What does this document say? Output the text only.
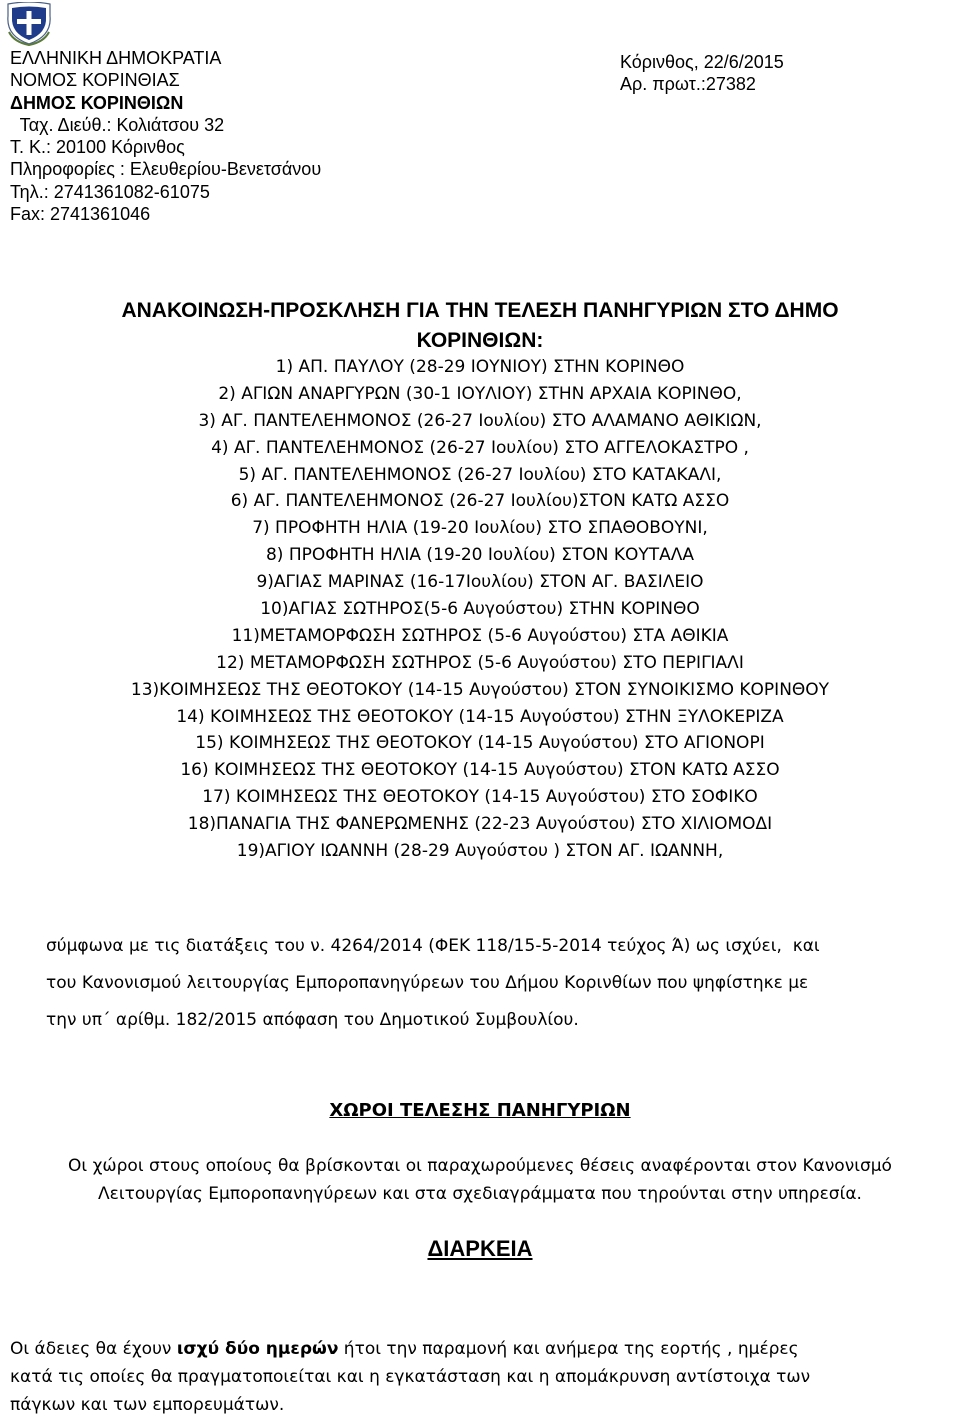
ΕΛΛΗΝΙΚΗ ΔΗΜΟΚΡΑΤΙΑ
ΝΟΜΟΣ ΚΟΡΙΝΘΙΑΣ
ΔΗΜΟΣ ΚΟΡΙΝΘΙΩΝ
Ταχ. Διεύθ.: Κολιάτσου 32
Τ. Κ.: 20100 Κόρινθος
Πληροφορίες : Ελευθερίου-Βενετσάνου
Τηλ.: 2741361082-61075
Fax: 2741361046
Κόρινθος, 22/6/2015
Αρ. πρωτ.:27382
ΑΝΑΚΟΙΝΩΣΗ-ΠΡΟΣΚΛΗΣΗ ΓΙΑ ΤΗΝ ΤΕΛΕΣΗ ΠΑΝΗΓΥΡΙΩΝ ΣΤΟ ΔΗΜΟ
ΚΟΡΙΝΘΙΩΝ:
1) ΑΠ. ΠΑΥΛΟΥ (28-29 ΙΟΥΝΙΟΥ) ΣΤΗΝ ΚΟΡΙΝΘΟ
2) ΑΓΙΩΝ ΑΝΑΡΓΥΡΩΝ (30-1 ΙΟΥΛΙΟΥ) ΣΤΗΝ ΑΡΧΑΙΑ ΚΟΡΙΝΘΟ,
3) ΑΓ. ΠΑΝΤΕΛΕΗΜΟΝΟΣ (26-27 Ιουλίου) ΣΤΟ ΑΛΑΜΑΝΟ ΑΘΙΚΙΩΝ,
4) ΑΓ. ΠΑΝΤΕΛΕΗΜΟΝΟΣ (26-27 Ιουλίου) ΣΤΟ ΑΓΓΕΛΟΚΑΣΤΡΟ ,
5) ΑΓ. ΠΑΝΤΕΛΕΗΜΟΝΟΣ (26-27 Ιουλίου) ΣΤΟ ΚΑΤΑΚΑΛΙ,
6) ΑΓ. ΠΑΝΤΕΛΕΗΜΟΝΟΣ (26-27 Ιουλίου)ΣΤΟΝ ΚΑΤΩ ΑΣΣΟ
7) ΠΡΟΦΗΤΗ ΗΛΙΑ (19-20 Ιουλίου) ΣΤΟ ΣΠΑΘΟΒΟΥΝΙ,
8) ΠΡΟΦΗΤΗ ΗΛΙΑ (19-20 Ιουλίου) ΣΤΟΝ ΚΟΥΤΑΛΑ
9)ΑΓΙΑΣ ΜΑΡΙΝΑΣ (16-17Ιουλίου) ΣΤΟΝ ΑΓ. ΒΑΣΙΛΕΙΟ
10)ΑΓΙΑΣ ΣΩΤΗΡΟΣ(5-6 Αυγούστου) ΣΤΗΝ ΚΟΡΙΝΘΟ
11)ΜΕΤΑΜΟΡΦΩΣΗ ΣΩΤΗΡΟΣ (5-6 Αυγούστου) ΣΤΑ ΑΘΙΚΙΑ
12) ΜΕΤΑΜΟΡΦΩΣΗ ΣΩΤΗΡΟΣ (5-6 Αυγούστου) ΣΤΟ ΠΕΡΙΓΙΑΛΙ
13)ΚΟΙΜΗΣΕΩΣ ΤΗΣ ΘΕΟΤΟΚΟΥ (14-15 Αυγούστου) ΣΤΟΝ ΣΥΝΟΙΚΙΣΜΟ ΚΟΡΙΝΘΟΥ
14) ΚΟΙΜΗΣΕΩΣ ΤΗΣ ΘΕΟΤΟΚΟΥ (14-15 Αυγούστου) ΣΤΗΝ ΞΥΛΟΚΕΡΙΖΑ
15) ΚΟΙΜΗΣΕΩΣ ΤΗΣ ΘΕΟΤΟΚΟΥ (14-15 Αυγούστου) ΣΤΟ ΑΓΙΟΝΟΡΙ
16) ΚΟΙΜΗΣΕΩΣ ΤΗΣ ΘΕΟΤΟΚΟΥ (14-15 Αυγούστου) ΣΤΟΝ ΚΑΤΩ ΑΣΣΟ
17) ΚΟΙΜΗΣΕΩΣ ΤΗΣ ΘΕΟΤΟΚΟΥ (14-15 Αυγούστου) ΣΤΟ ΣΟΦΙΚΟ
18)ΠΑΝΑΓΙΑ ΤΗΣ ΦΑΝΕΡΩΜΕΝΗΣ (22-23 Αυγούστου) ΣΤΟ ΧΙΛΙΟΜΟΔΙ
19)ΑΓΙΟΥ ΙΩΑΝΝΗ (28-29 Αυγούστου ) ΣΤΟΝ ΑΓ. ΙΩΑΝΝΗ,
σύμφωνα με τις διατάξεις του ν. 4264/2014 (ΦΕΚ 118/15-5-2014 τεύχος Ά) ως ισχύει,  και
του Κανονισμού λειτουργίας Εμποροπανηγύρεων του Δήμου Κορινθίων που ψηφίστηκε με
την υπ΄ αρίθμ. 182/2015 απόφαση του Δημοτικού Συμβουλίου.
ΧΩΡΟΙ ΤΕΛΕΣΗΣ ΠΑΝΗΓΥΡΙΩΝ
Οι χώροι στους οποίους θα βρίσκονται οι παραχωρούμενες θέσεις αναφέρονται στον Κανονισμό
Λειτουργίας Εμποροπανηγύρεων και στα σχεδιαγράμματα που τηρούνται στην υπηρεσία.
ΔΙΑΡΚΕΙΑ
Οι άδειες θα έχουν ισχύ δύο ημερών ήτοι την παραμονή και ανήμερα της εορτής , ημέρες
κατά τις οποίες θα πραγματοποιείται και η εγκατάσταση και η απομάκρυνση αντίστοιχα των
πάγκων και των εμπορευμάτων.
